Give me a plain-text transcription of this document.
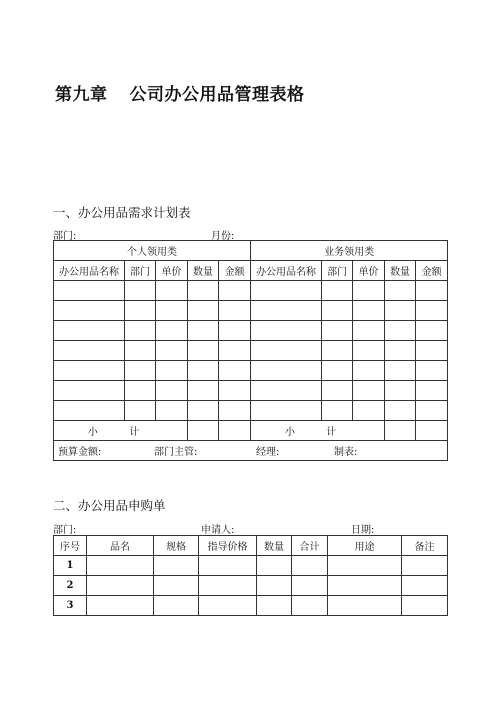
第九章 公司办公用品管理表格
一、办公用品需求计划表
部门:	月份:
个人领用类					业务领用类				
办公用品名称	部门	单价	数量	金额	办公用品名称	部门	单价	数量	金额

小 计					小 计				
预算金额: 部门主管: 经理: 制表:									
二、办公用品申购单
部门:	申请人:	日期:
序号	品名	规格	指导价格	数量	合计	用途	备注
1							
2							
3							
